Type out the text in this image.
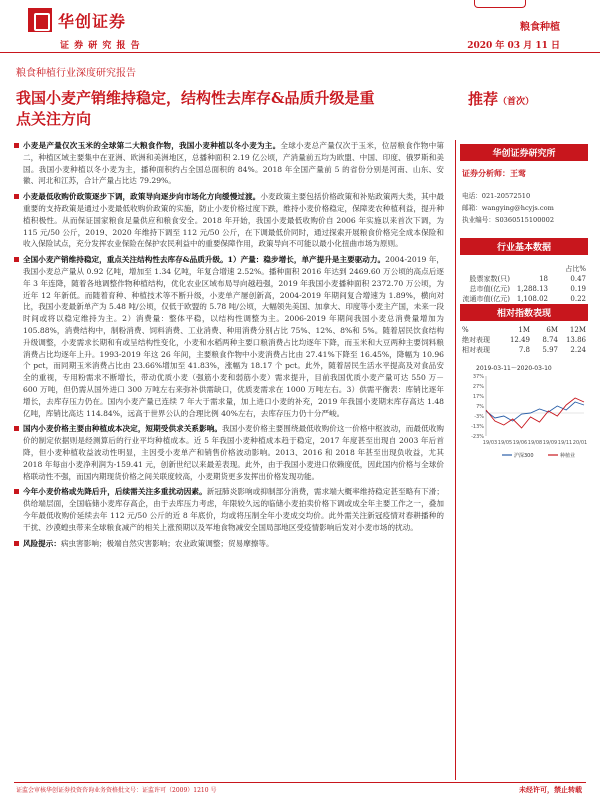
华创证券
证 券 研 究 报 告
粮食种植
2020 年 03 月 11 日
粮食种植行业深度研究报告
我国小麦产销维持稳定，结构性去库存&品质升级是重点关注方向
推荐（首次）
小麦是产量仅次玉米的全球第二大粮食作物，我国小麦种植以冬小麦为主。全球小麦总产量仅次于玉米，位居粮食作物中第二，种植区域主要集中在亚洲、欧洲和美洲地区，总播种面积 2.19 亿公顷，产消量前五均为欧盟、中国、印度、俄罗斯和美国。我国小麦种植以冬小麦为主，播种面积约占全国总面积的 84%。2018 年全国产量前 5 的省份分别是河南、山东、安徽、河北和江苏，合计产量占比达 79.29%。
小麦最低收购价政策逐步下调，政策导向逐步向市场化方向缓慢过渡。小麦政策主要包括价格政策和补贴政策两大类，其中最重要的支持政策是通过小麦最低收购价政策的实施，防止小麦价格过度下跌，维持小麦价格稳定，保障麦农种植利益，提升种植积极性。从而保证国家粮食足量供应和粮食安全。2018 年开始，我国小麦最低收购价自 2006 年实施以来首次下调，为 115 元/50 公斤，2019、2020 年维持下调至 112 元/50 公斤，在下调最低价同时，通过探索开展粮食价格完全成本保险和收入保险试点，充分发挥农业保险在保护农民利益中的重要保障作用，政策导向不可能以最小化扭曲市场为原则。
全国小麦产销维持稳定，重点关注结构性去库存&品质升级。1）产量：稳步增长，单产提升是主要驱动力。2004-2019 年，我国小麦总产量从 0.92 亿吨，增加至 1.34 亿吨，年复合增速 2.52%。播种面积 2016 年达到 2469.60 万公顷的高点后逐年 3 年连降，随着各地调整作物种植结构，优化农业区域布局导向越趋强，2019 年我国小麦播种面积 2372.70 万公顷，为近年 12 年新低。而随着育种、种植技术等不断升级，小麦单产屡创新高，2004-2019 年期间复合增速为 1.89%，横向对比，我国小麦最新单产为 5.48 吨/公顷，仅低于欧盟的 5.78 吨/公顷，大幅领先美国、加拿大、印度等小麦主产国，未来一段时间或将以稳定维持为主。2）消费量：整体平稳，以结构性调整为主。2006-2019 年期间我国小麦总消费量增加为 105.88%，消费结构中，制粉消费、饲料消费、工业消费、种用消费分别占比 75%、12%、8%和 5%。随着居民饮食结构升级调整，小麦需求长期和有或呈结构性变化，小麦和水稻两种主要口粮消费占比均逐年下降，而玉米和大豆两种主要饲料粮消费占比均逐年上升。1993-2019 年这 26 年间，主要粮食作物中小麦消费占比由 27.41%下降至 16.45%，降幅为 10.96 个 pct，而同期玉米消费占比由 23.66%增加至 41.83%，涨幅为 18.17 个 pct。此外，随着居民生活水平提高及对食品安全的重视，专用粉需求不断增长，带动优质小麦（强筋小麦和弱筋小麦）需求提升，目前我国优质小麦产量可达 550 万－600 万吨，但仍需从国外进口 300 万吨左右来弥补供需缺口，优质麦需求在 1000 万吨左右。3）供需平衡表：库销比逐年增长，去库存压力仍在。国内小麦产量已连续 7 年大于需求量，加上进口小麦的补充，2019 年我国小麦期末库存高达 1.48 亿吨，库销比高达 114.84%，远高于世界公认的合理比例 40%左右，去库存压力仍十分严峻。
国内小麦价格主要由种植成本决定，短期受供求关系影响。我国小麦价格主要围绕最低收购价这一价格中枢波动，而最低收购价的制定依据则是经测算后的行业平均种植成本。近 5 年我国小麦种植成本趋于稳定，2017 年度甚至出现自 2003 年后首降，但小麦种植收益波动性明显，主因受小麦单产和销售价格波动影响。2013、2016 和 2018 年甚至出现负收益，尤其 2018 年每亩小麦净利润为-159.41 元，创新世纪以来最差表现。此外，由于我国小麦进口依赖度低，因此国内价格与全球价格联动性不强，而国内期现货价格之间关联度较高，小麦期货更多发挥出价格发现功能。
今年小麦价格或先降后升，后续需关注多重扰动因素。新冠肺炎影响或抑制部分消费，需求端大概率维持稳定甚至略有下滑；供给端层面，全国临储小麦库存高企，由于去库压力考虑，年限较久远的临储小麦拍卖价格下调或成全年主要工作之一，叠加今年最低收购价延续去年 112 元/50 公斤的近 8 年底价，均或将压制全年小麦成交均价。此外需关注新冠疫情对春耕播种的干扰、沙漠蝗虫带来全球粮食减产的相关上涨预期以及军地食物减安全国局部地区受疫情影响后发对小麦市场的扰动。
风险提示：病虫害影响；极端自然灾害影响；农业政策调整；贸易摩擦等。
华创证券研究所
证券分析师：王莺
电话：021-20572510
邮箱：wangying@hcyjs.com
执业编号：S0360515100002
行业基本数据
占比%
股票家数(只)	18	0.47
总市值(亿元) 1,288.13	0.19
流通市值(亿元) 1,108.02	0.22
相对指数表现
%	1M	6M	12M
绝对表现	12.49	8.74	13.86
相对表现	7.8	5.97	2.24
2019-03-11～2020-03-10
37%
27%
17%
7%
-3%
-13%
-23%
19/03 19/05 19/06 19/08 19/09 19/11 20/01
沪深300	种植业
证监会审核华创证券投资咨询业务资格批文号：证监许可（2009）1210 号	未经许可，禁止转载
